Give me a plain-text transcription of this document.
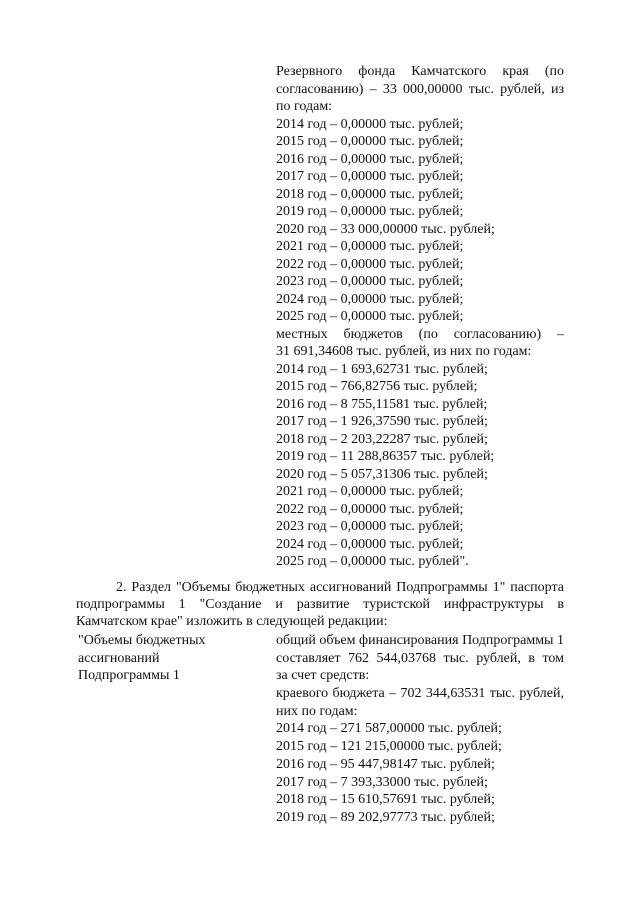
Резервного фонда Камчатского края (по
согласованию) – 33 000,00000 тыс. рублей, из
по годам:
2014 год – 0,00000 тыс. рублей;
2015 год – 0,00000 тыс. рублей;
2016 год – 0,00000 тыс. рублей;
2017 год – 0,00000 тыс. рублей;
2018 год – 0,00000 тыс. рублей;
2019 год – 0,00000 тыс. рублей;
2020 год – 33 000,00000 тыс. рублей;
2021 год – 0,00000 тыс. рублей;
2022 год – 0,00000 тыс. рублей;
2023 год – 0,00000 тыс. рублей;
2024 год – 0,00000 тыс. рублей;
2025 год – 0,00000 тыс. рублей;
местных бюджетов (по согласованию) –
31 691,34608 тыс. рублей, из них по годам:
2014 год – 1 693,62731 тыс. рублей;
2015 год – 766,82756 тыс. рублей;
2016 год – 8 755,11581 тыс. рублей;
2017 год – 1 926,37590 тыс. рублей;
2018 год – 2 203,22287 тыс. рублей;
2019 год – 11 288,86357 тыс. рублей;
2020 год – 5 057,31306 тыс. рублей;
2021 год – 0,00000 тыс. рублей;
2022 год – 0,00000 тыс. рублей;
2023 год – 0,00000 тыс. рублей;
2024 год – 0,00000 тыс. рублей;
2025 год – 0,00000 тыс. рублей".
2. Раздел "Объемы бюджетных ассигнований Подпрограммы 1" паспорта
подпрограммы 1 "Создание и развитие туристской инфраструктуры в
Камчатском крае" изложить в следующей редакции:
"Объемы бюджетных
ассигнований
Подпрограммы 1
общий объем финансирования Подпрограммы 1
составляет 762 544,03768 тыс. рублей, в том
за счет средств:
краевого бюджета – 702 344,63531 тыс. рублей,
них по годам:
2014 год – 271 587,00000 тыс. рублей;
2015 год – 121 215,00000 тыс. рублей;
2016 год – 95 447,98147 тыс. рублей;
2017 год – 7 393,33000 тыс. рублей;
2018 год – 15 610,57691 тыс. рублей;
2019 год – 89 202,97773 тыс. рублей;
